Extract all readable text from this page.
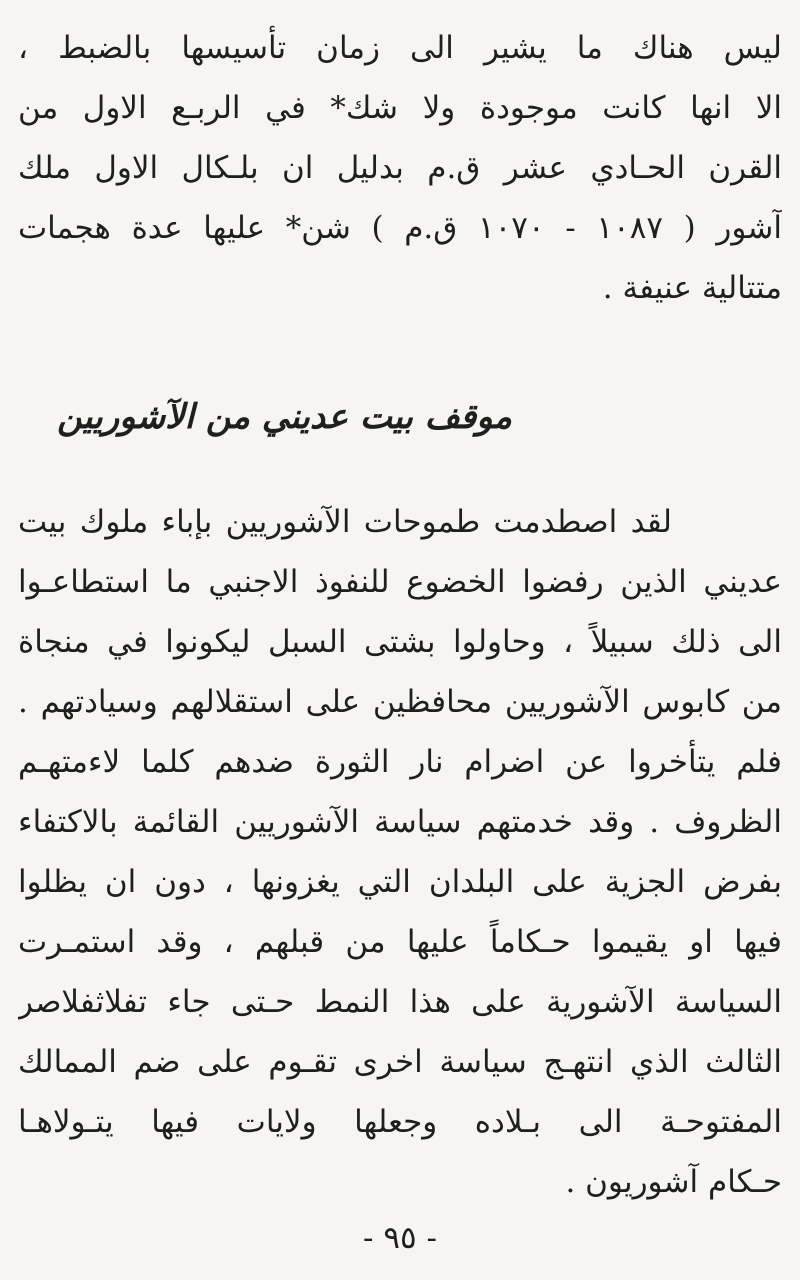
ليس هناك ما يشير الى زمان تأسيسها بالضبط ،
الا انها كانت موجودة ولا شك* في الربـع الاول من
القرن الحـادي عشر ق.م بدليل ان بلـكال الاول ملك
آشور ( ١٠٨٧ - ١٠٧٠ ق.م ) شن* عليها عدة هجمات
متتالية عنيفة .
موقف بيت عديني من الآشوريين
لقد اصطدمت طموحات الآشوريين بإباء ملوك بيت
عديني الذين رفضوا الخضوع للنفوذ الاجنبي ما استطاعـوا
الى ذلك سبيلاً ، وحاولوا بشتى السبل ليكونوا في منجاة
من كابوس الآشوريين محافظين على استقلالهم وسيادتهم .
فلم يتأخروا عن اضرام نار الثورة ضدهم كلما لاءمتهـم
الظروف . وقد خدمتهم سياسة الآشوريين القائمة بالاكتفاء
بفرض الجزية على البلدان التي يغزونها ، دون ان يظلوا
فيها او يقيموا حـكاماً عليها من قبلهم ، وقد استمـرت
السياسة الآشورية على هذا النمط حـتى جاء تفلاثفلاصر
الثالث الذي انتهـج سياسة اخرى تقـوم على ضم الممالك
المفتوحـة الى بـلاده وجعلها ولايات فيها يتـولاهـا
حـكام آشوريون .
- ٩٥ -
